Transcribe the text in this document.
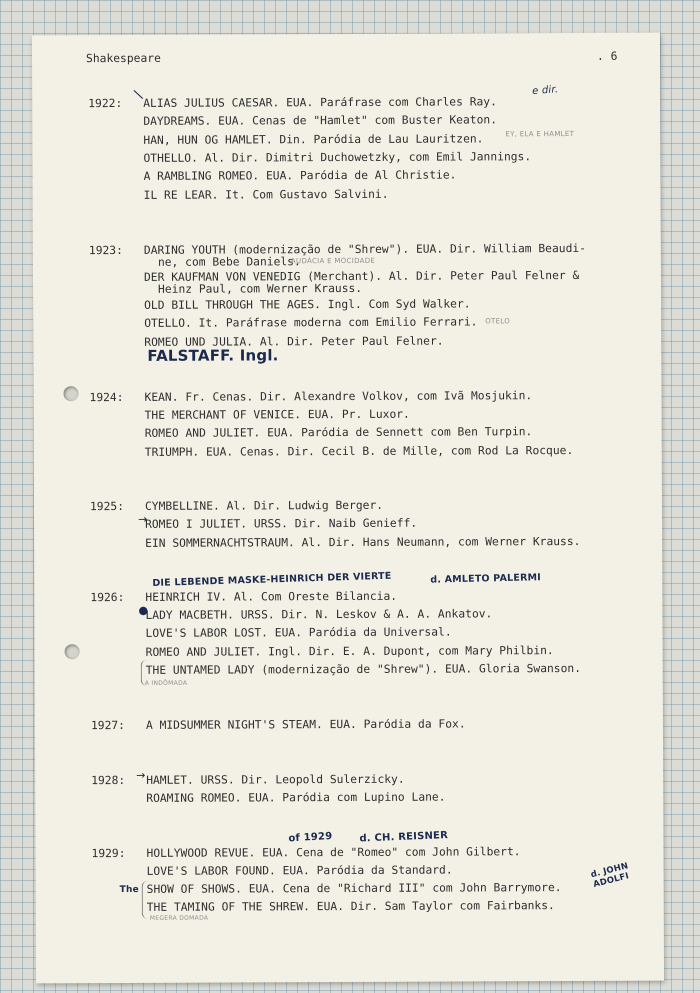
Shakespeare	. 6
1922: ALIAS JULIUS CAESAR. EUA. Paráfrase com Charles Ray.
DAYDREAMS. EUA. Cenas de "Hamlet" com Buster Keaton.
HAN, HUN OG HAMLET. Din. Paródia de Lau Lauritzen.
OTHELLO. Al. Dir. Dimitri Duchowetzky, com Emil Jannings.
A RAMBLING ROMEO. EUA. Paródia de Al Christie.
IL RE LEAR. It. Com Gustavo Salvini.
1923: DARING YOUTH (modernização de "Shrew"). EUA. Dir. William Beaudi-
ne, com Bebe Daniels.
DER KAUFMAN VON VENEDIG (Merchant). Al. Dir. Peter Paul Felner &
Heinz Paul, com Werner Krauss.
OLD BILL THROUGH THE AGES. Ingl. Com Syd Walker.
OTELLO. It. Paráfrase moderna com Emilio Ferrari.
ROMEO UND JULIA. Al. Dir. Peter Paul Felner.
1924: KEAN. Fr. Cenas. Dir. Alexandre Volkov, com Ivã Mosjukin.
THE MERCHANT OF VENICE. EUA. Pr. Luxor.
ROMEO AND JULIET. EUA. Paródia de Sennett com Ben Turpin.
TRIUMPH. EUA. Cenas. Dir. Cecil B. de Mille, com Rod La Rocque.
1925: CYMBELLINE. Al. Dir. Ludwig Berger.
ROMEO I JULIET. URSS. Dir. Naib Genieff.
EIN SOMMERNACHTSTRAUM. Al. Dir. Hans Neumann, com Werner Krauss.
1926: HEINRICH IV. Al. Com Oreste Bilancia.
LADY MACBETH. URSS. Dir. N. Leskov & A. A. Ankatov.
LOVE'S LABOR LOST. EUA. Paródia da Universal.
ROMEO AND JULIET. Ingl. Dir. E. A. Dupont, com Mary Philbin.
THE UNTAMED LADY (modernização de "Shrew"). EUA. Gloria Swanson.
1927: A MIDSUMMER NIGHT'S STEAM. EUA. Paródia da Fox.
1928: HAMLET. URSS. Dir. Leopold Sulerzicky.
ROAMING ROMEO. EUA. Paródia com Lupino Lane.
1929: HOLLYWOOD REVUE. EUA. Cena de "Romeo" com John Gilbert.
LOVE'S LABOR FOUND. EUA. Paródia da Standard.
SHOW OF SHOWS. EUA. Cena de "Richard III" com John Barrymore.
THE TAMING OF THE SHREW. EUA. Dir. Sam Taylor com Fairbanks.
\
→
●
→
e dir.
FALSTAFF. Ingl.
DIE LEBENDE MASKE-HEINRICH DER VIERTE	d. AMLETO PALERMI
of 1929	d. CH. REISNER
The
d. JOHN ADOLFI
EY, ELA E HAMLET
AUDÁCIA E MOCIDADE
OTELO
A INDÔMADA
MEGERA DOMADA
